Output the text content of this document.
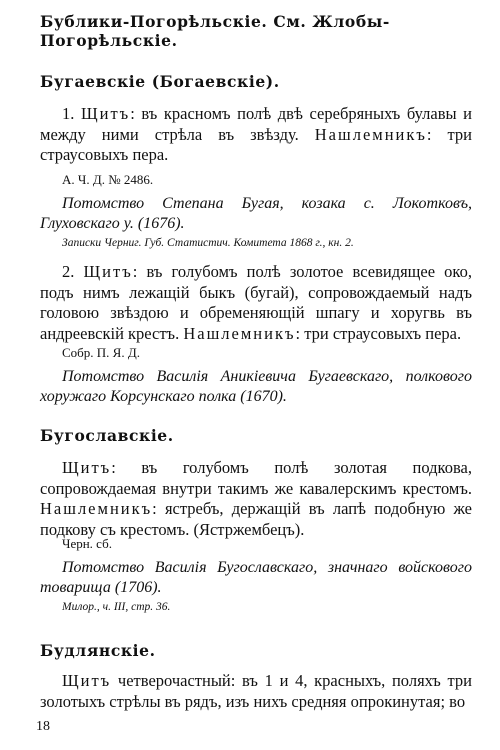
Бублики-Погорѣльскіе. См. Жлобы-Погорѣльскіе.
Бугаевскіе (Богаевскіе).
1. Щитъ: въ красномъ полѣ двѣ серебряныхъ булавы и между ними стрѣла въ звѣзду. Нашлемникъ: три страусовыхъ пера.
А. Ч. Д. № 2486.
Потомство Степана Бугая, козака с. Локотковъ, Глуховскаго у. (1676).
Записки Черниг. Губ. Статистич. Комитета 1868 г., кн. 2.
2. Щитъ: въ голубомъ полѣ золотое всевидящее око, подъ нимъ лежащій быкъ (бугай), сопровождаемый надъ головою звѣздою и обременяющій шпагу и хоругвь въ андреевскій крестъ. Нашлемникъ: три страусовыхъ пера.
Собр. П. Я. Д.
Потомство Василія Аникіевича Бугаевскаго, полкового хоружаго Корсунскаго полка (1670).
Бугославскіе.
Щитъ: въ голубомъ полѣ золотая подкова, сопровождаемая внутри такимъ же кавалерскимъ крестомъ. Нашлемникъ: ястребъ, держащій въ лапѣ подобную же подкову съ крестомъ. (Ястржембецъ).
Черн. сб.
Потомство Василія Бугославскаго, значнаго войскового товарища (1706).
Милор., ч. III, стр. 36.
Будлянскіе.
Щитъ четверочастный: въ 1 и 4, красныхъ, поляхъ три золотыхъ стрѣлы въ рядъ, изъ нихъ средняя опрокинутая; во
18
